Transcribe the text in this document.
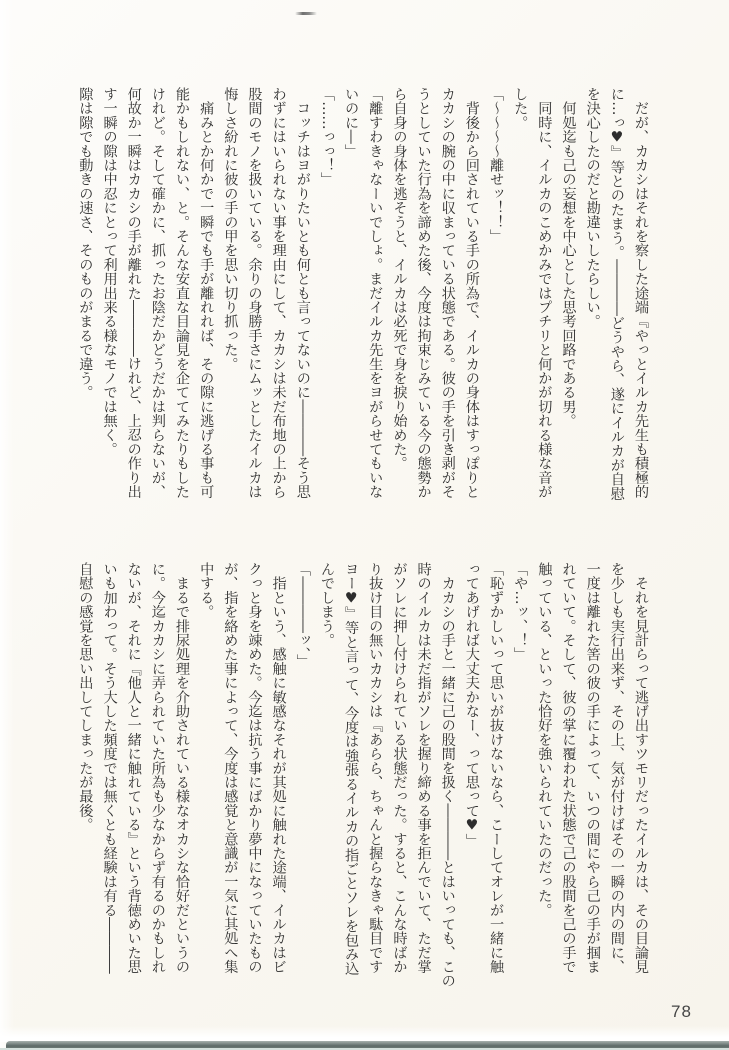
　だが、カカシはそれを察した途端『やっとイルカ先生も積極的

に…っ♥』等とのたまう。――――どうやら、遂にイルカが自慰

を決心したのだと勘違いしたらしい。

　何処迄も己の妄想を中心とした思考回路である男。

　同時に、イルカのこめかみではプチリと何かが切れる様な音が

した。

「〜〜〜〜離せッ！！」

　背後から回されている手の所為で、イルカの身体はすっぽりと

カカシの腕の中に収まっている状態である。彼の手を引き剥がそ

うとしていた行為を諦めた後、今度は拘束じみている今の態勢か

ら自身の身体を逃そうと、イルカは必死で身を捩り始めた。

「離すわきゃなーいでしょ。まだイルカ先生をヨがらせてもいな

いのに―」

「……っっ！」

　コッチはヨがりたいとも何とも言ってないのに――――そう思

わずにはいられない事を理由にして、カカシは未だ布地の上から

股間のモノを扱いている。余りの身勝手さにムッとしたイルカは

悔しさ紛れに彼の手の甲を思い切り抓った。

　痛みとか何かで一瞬でも手が離れれば、その隙に逃げる事も可

能かもしれない、と。そんな安直な目論見を企ててみたりもした

けれど。そして確かに、抓ったお陰だかどうだかは判らないが、

何故か一瞬はカカシの手が離れた――――けれど、上忍の作り出

す一瞬の隙は中忍にとって利用出来る様なモノでは無く。

隙は隙でも動きの速さ、そのものがまるで違う。

　それを見計らって逃げ出すツモリだったイルカは、その目論見

を少しも実行出来ず、その上、気が付けばその一瞬の内の間に、

一度は離れた筈の彼の手によって、いつの間にやら己の手が掴ま

れていて。そして、彼の掌に覆われた状態で己の股間を己の手で

触っている、といった恰好を強いられていたのだった。

「や…ッ、！」

「恥ずかしいって思いが抜けないなら、こーしてオレが一緒に触

ってあげれば大丈夫かなー、って思って♥」

　カカシの手と一緒に己の股間を扱く――――とはいっても、この

時のイルカは未だ指がソレを握り締める事を拒んでいて、ただ掌

がソレに押し付けられている状態だった。すると、こんな時ばか

り抜け目の無いカカシは『あらら、ちゃんと握らなきゃ駄目です

ヨー♥』等と言って、今度は強張るイルカの指ごとソレを包み込

んでしまう。

「――――ッ、」

　指という、感触に敏感なそれが其処に触れた途端、イルカはビ

クっと身を竦めた。今迄は抗う事にばかり夢中になっていたもの

が、指を絡めた事によって、今度は感覚と意識が一気に其処へ集

中する。

　まるで排尿処理を介助されている様なオカシな恰好だというの

に。今迄カカシに弄られていた所為も少なからず有るのかもしれ

ないが、それに『他人と一緒に触れている』という背徳めいた思

いも加わって。そう大した頻度では無くとも経験は有る――――

自慰の感覚を思い出してしまったが最後。

78
